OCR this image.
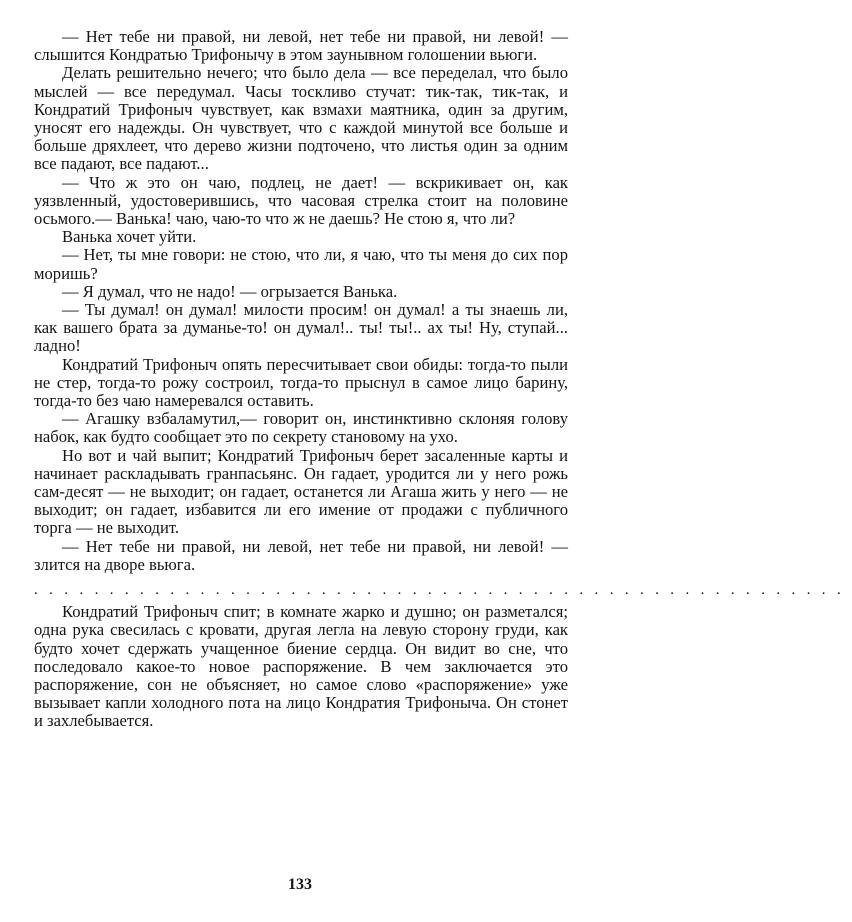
— Нет тебе ни правой, ни левой, нет тебе ни правой, ни левой! — слышится Кондратью Трифонычу в этом заунывном голошении вьюги.

Делать решительно нечего; что было дела — все переделал, что было мыслей — все передумал. Часы тоскливо стучат: тик-так, тик-так, и Кондратий Трифоныч чувствует, как взмахи маятника, один за другим, уносят его надежды. Он чувствует, что с каждой минутой все больше и больше дряхлеет, что дерево жизни подточено, что листья один за одним все падают, все падают...

— Что ж это он чаю, подлец, не дает! — вскрикивает он, как уязвленный, удостоверившись, что часовая стрелка стоит на половине осьмого.— Ванька! чаю, чаю-то что ж не даешь? Не стою я, что ли?

Ванька хочет уйти.

— Нет, ты мне говори: не стою, что ли, я чаю, что ты меня до сих пор моришь?

— Я думал, что не надо! — огрызается Ванька.

— Ты думал! он думал! милости просим! он думал! а ты знаешь ли, как вашего брата за думанье-то! он думал!.. ты! ты!.. ах ты! Ну, ступай... ладно!

Кондратий Трифоныч опять пересчитывает свои обиды: тогда-то пыли не стер, тогда-то рожу состроил, тогда-то прыснул в самое лицо барину, тогда-то без чаю намеревался оставить.

— Агашку взбаламутил,— говорит он, инстинктивно склоняя голову набок, как будто сообщает это по секрету становому на ухо.

Но вот и чай выпит; Кондратий Трифоныч берет засаленные карты и начинает раскладывать гранпасьянс. Он гадает, уродится ли у него рожь сам-десят — не выходит; он гадает, останется ли Агаша жить у него — не выходит; он гадает, избавится ли его имение от продажи с публичного торга — не выходит.

— Нет тебе ни правой, ни левой, нет тебе ни правой, ни левой! — злится на дворе вьюга.

......................................................

Кондратий Трифоныч спит; в комнате жарко и душно; он разметался; одна рука свесилась с кровати, другая легла на левую сторону груди, как будто хочет сдержать учащенное биение сердца. Он видит во сне, что последовало какое-то новое распоряжение. В чем заключается это распоряжение, сон не объясняет, но самое слово «распоряжение» уже вызывает капли холодного пота на лицо Кондратия Трифоныча. Он стонет и захлебывается.

133
